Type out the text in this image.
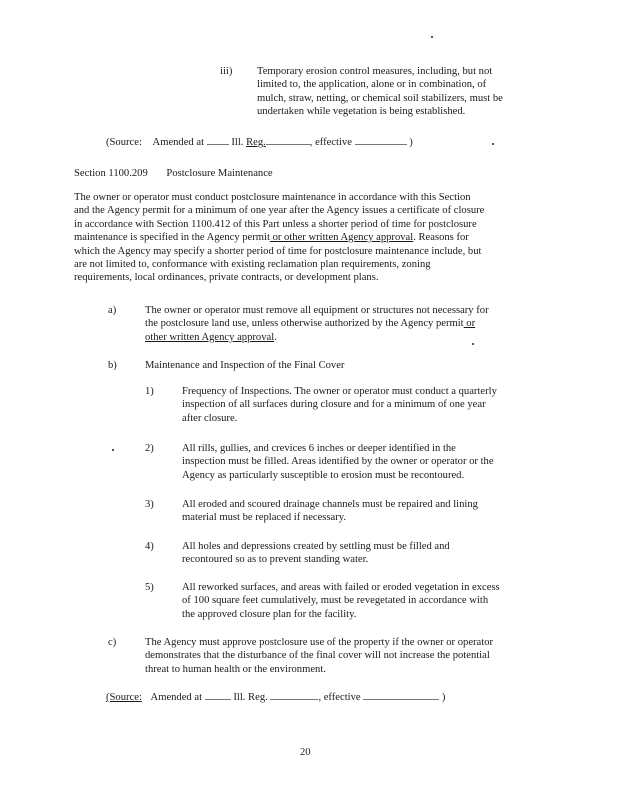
iii) Temporary erosion control measures, including, but not
limited to, the application, alone or in combination, of
mulch, straw, netting, or chemical soil stabilizers, must be
undertaken while vegetation is being established.
(Source: Amended at	Ill. Reg.	, effective	)
Section 1100.209 Postclosure Maintenance
The owner or operator must conduct postclosure maintenance in accordance with this Section
and the Agency permit for a minimum of one year after the Agency issues a certificate of closure
in accordance with Section 1100.412 of this Part unless a shorter period of time for postclosure
maintenance is specified in the Agency permit or other written Agency approval. Reasons for
which the Agency may specify a shorter period of time for postclosure maintenance include, but
are not limited to, conformance with existing reclamation plan requirements, zoning
requirements, local ordinances, private contracts, or development plans.
a)	The owner or operator must remove all equipment or structures not necessary for
the postclosure land use, unless otherwise authorized by the Agency permit or
other written Agency approval.
b)	Maintenance and Inspection of the Final Cover
1)	Frequency of Inspections. The owner or operator must conduct a quarterly
inspection of all surfaces during closure and for a minimum of one year
after closure.
2)	All rills, gullies, and crevices 6 inches or deeper identified in the
inspection must be filled. Areas identified by the owner or operator or the
Agency as particularly susceptible to erosion must be recontoured.
3)	All eroded and scoured drainage channels must be repaired and lining
material must be replaced if necessary.
4)	All holes and depressions created by settling must be filled and
recontoured so as to prevent standing water.
5)	All reworked surfaces, and areas with failed or eroded vegetation in excess
of 100 square feet cumulatively, must be revegetated in accordance with
the approved closure plan for the facility.
c)	The Agency must approve postclosure use of the property if the owner or operator
demonstrates that the disturbance of the final cover will not increase the potential
threat to human health or the environment.
(Source: Amended at	Ill. Reg.	, effective	)
20
